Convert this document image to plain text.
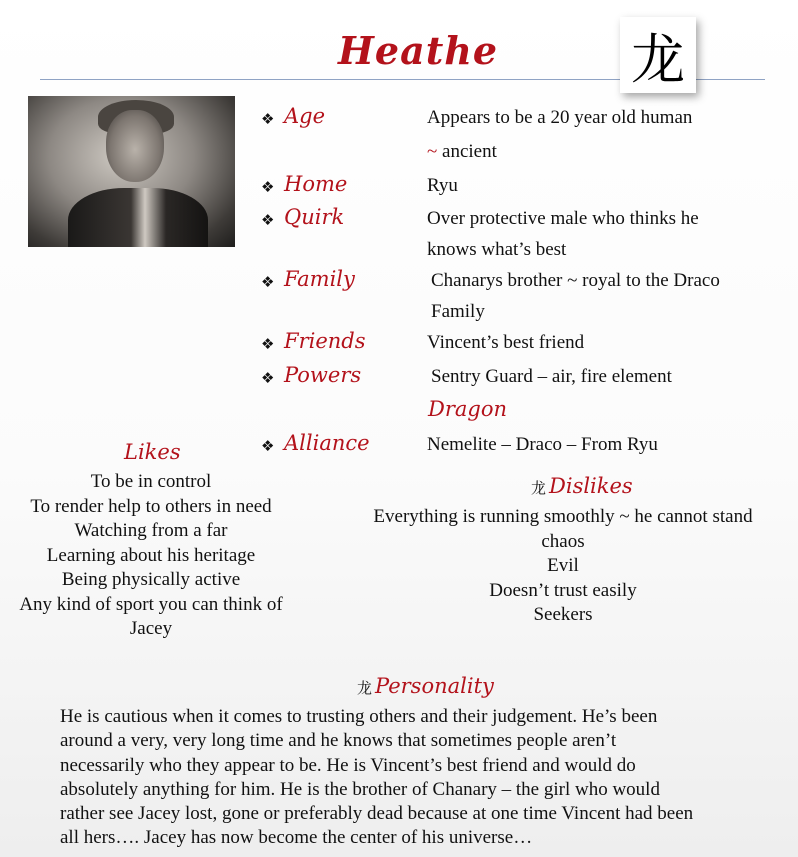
Heathe 龙
❖ Age	Appears to be a 20 year old human
~ ancient
❖ Home	Ryu
❖ Quirk	Over protective male who thinks he
knows what’s best
❖ Family	Chanarys brother ~ royal to the Draco
Family
❖ Friends	Vincent’s best friend
❖ Powers	Sentry Guard – air, fire element
Dragon
❖ Alliance	Nemelite – Draco – From Ryu
Likes
To be in control
To render help to others in need
Watching from a far
Learning about his heritage
Being physically active
Any kind of sport you can think of
Jacey
龙 Dislikes
Everything is running smoothly ~ he cannot stand
chaos
Evil
Doesn’t trust easily
Seekers
龙 Personality
He is cautious when it comes to trusting others and their judgement. He’s been
around a very, very long time and he knows that sometimes people aren’t
necessarily who they appear to be. He is Vincent’s best friend and would do
absolutely anything for him. He is the brother of Chanary – the girl who would
rather see Jacey lost, gone or preferably dead because at one time Vincent had been
all hers…. Jacey has now become the center of his universe…
